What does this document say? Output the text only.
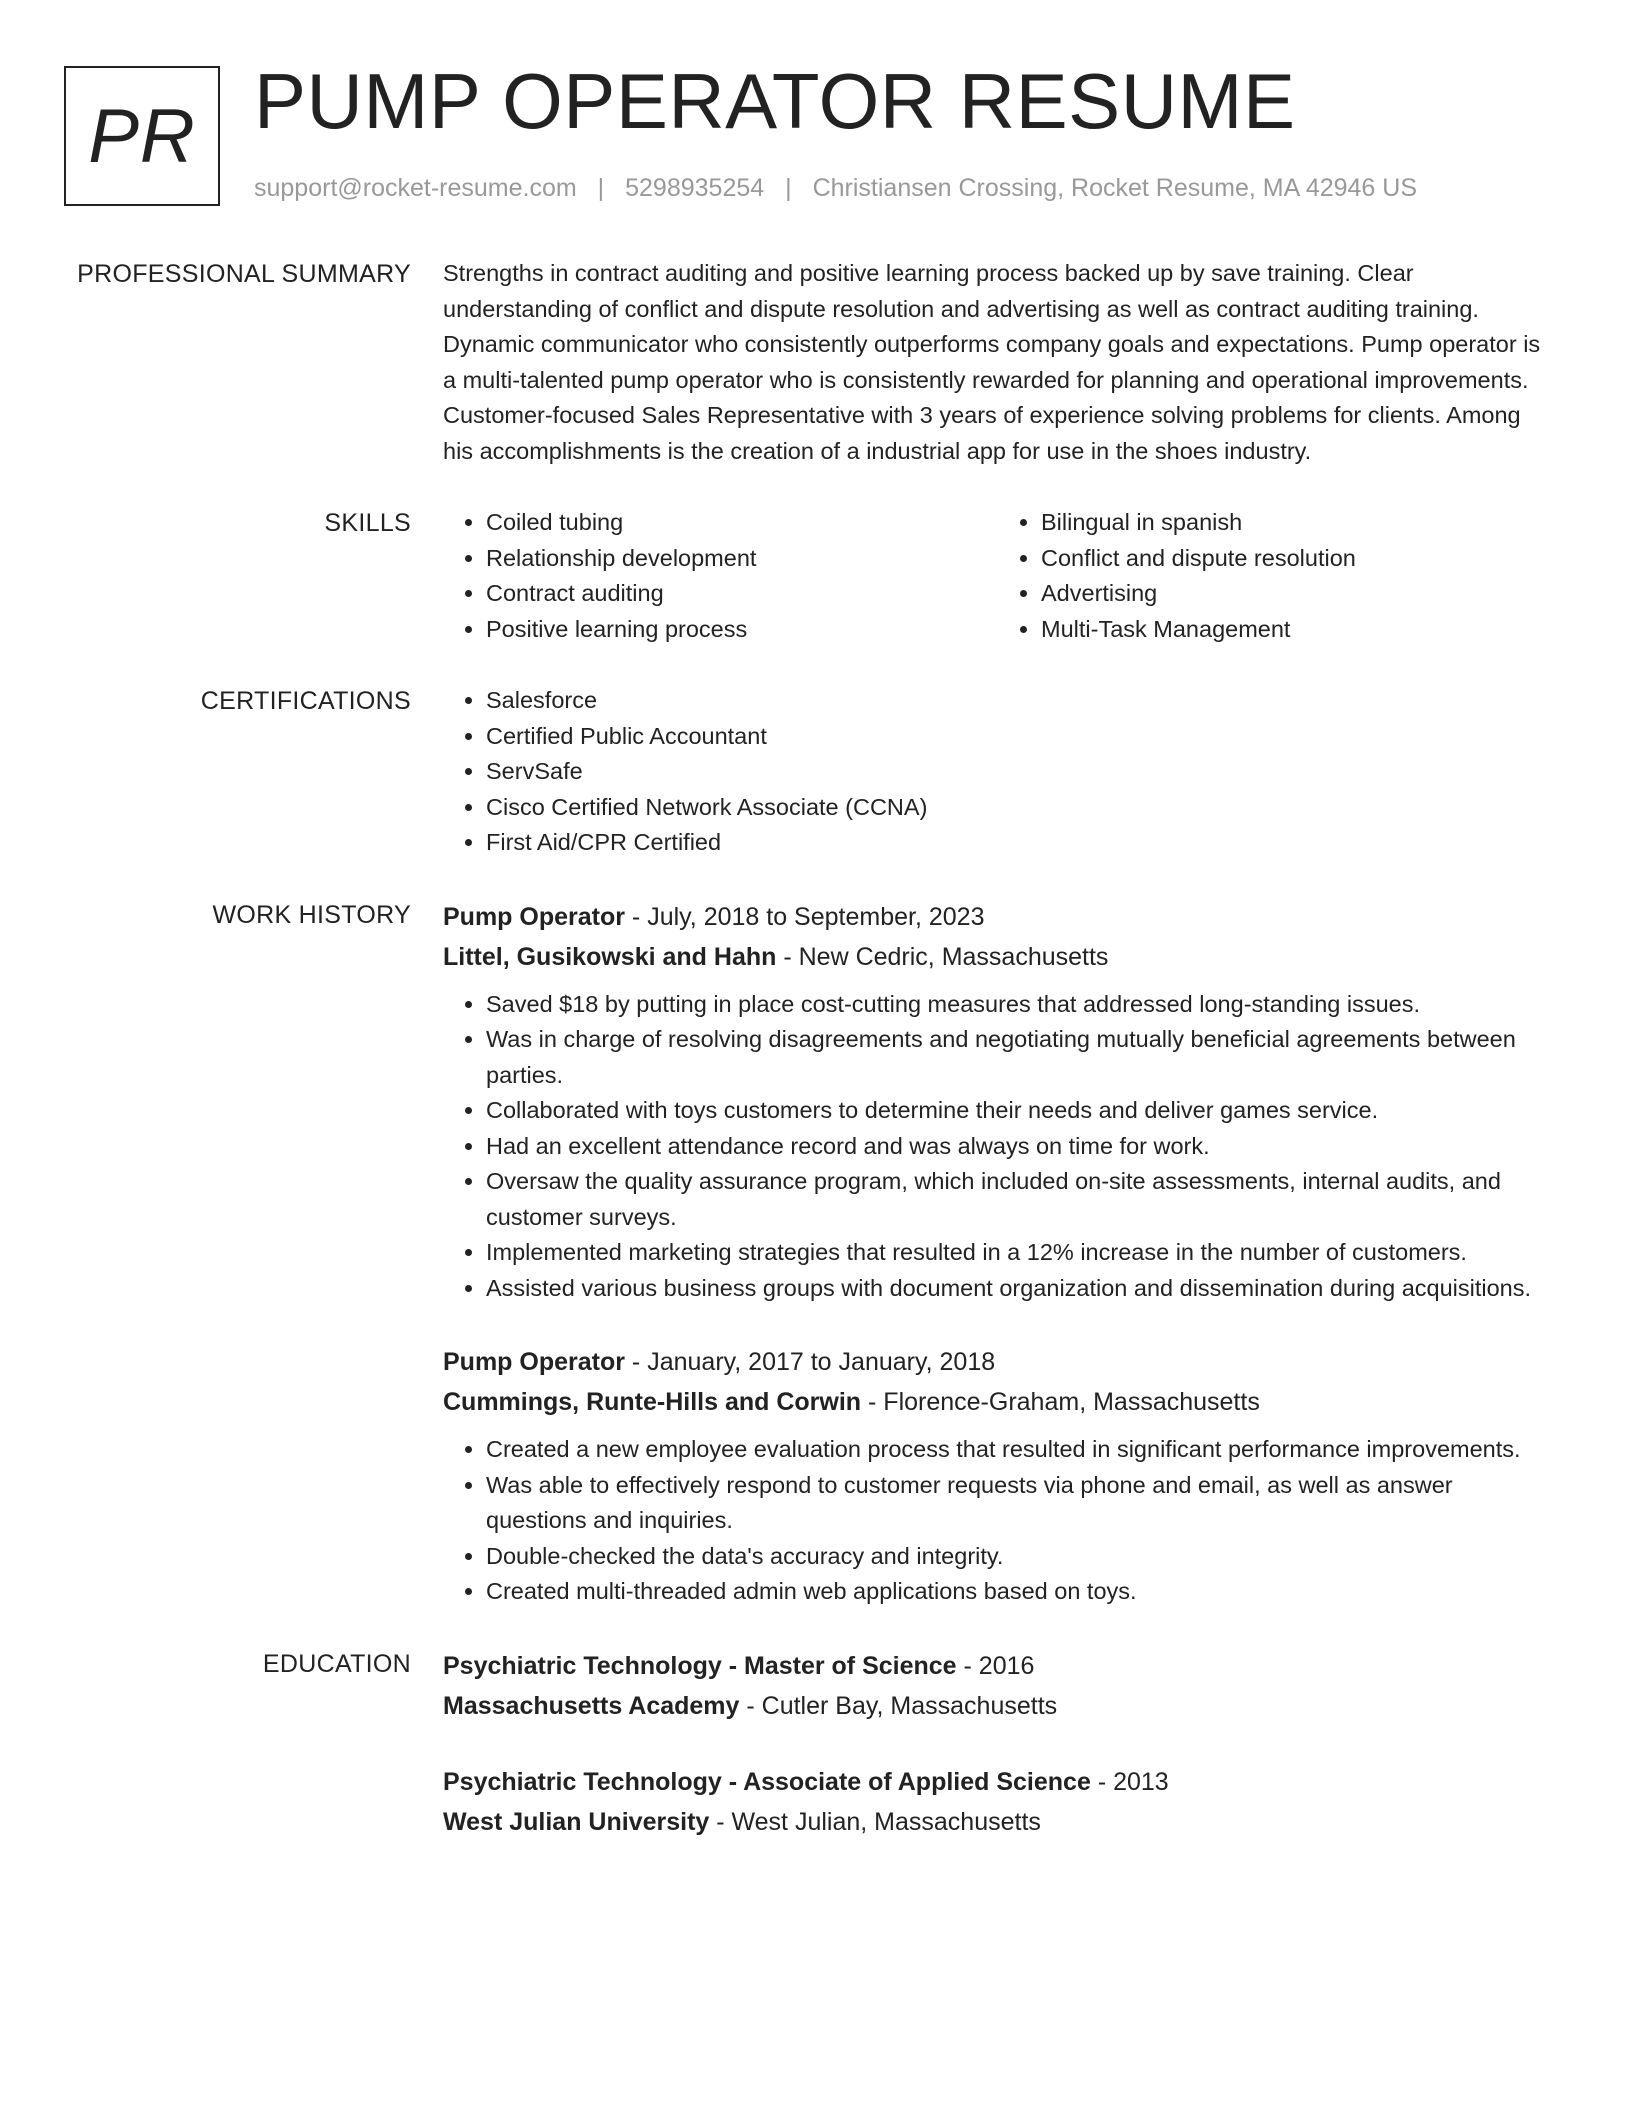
PR PUMP OPERATOR RESUME
support@rocket-resume.com | 5298935254 | Christiansen Crossing, Rocket Resume, MA 42946 US
PROFESSIONAL SUMMARY Strengths in contract auditing and positive learning process backed up by save training. Clear understanding of conflict and dispute resolution and advertising as well as contract auditing training. Dynamic communicator who consistently outperforms company goals and expectations. Pump operator is a multi-talented pump operator who is consistently rewarded for planning and operational improvements. Customer-focused Sales Representative with 3 years of experience solving problems for clients. Among his accomplishments is the creation of a industrial app for use in the shoes industry.

SKILLS	• Coiled tubing
• Relationship development
• Contract auditing
• Positive learning process
• Bilingual in spanish
• Conflict and dispute resolution
• Advertising
• Multi-Task Management
CERTIFICATIONS	• Salesforce
• Certified Public Accountant
• ServSafe
• Cisco Certified Network Associate (CCNA)
• First Aid/CPR Certified
WORK HISTORY Pump Operator - July, 2018 to September, 2023
Littel, Gusikowski and Hahn - New Cedric, Massachusetts
• Saved $18 by putting in place cost-cutting measures that addressed long-standing issues.
• Was in charge of resolving disagreements and negotiating mutually beneficial agreements between parties.
• Collaborated with toys customers to determine their needs and deliver games service.
• Had an excellent attendance record and was always on time for work.
• Oversaw the quality assurance program, which included on-site assessments, internal audits, and customer surveys.
• Implemented marketing strategies that resulted in a 12% increase in the number of customers.
• Assisted various business groups with document organization and dissemination during acquisitions.
Pump Operator - January, 2017 to January, 2018
Cummings, Runte-Hills and Corwin - Florence-Graham, Massachusetts
• Created a new employee evaluation process that resulted in significant performance improvements.
• Was able to effectively respond to customer requests via phone and email, as well as answer questions and inquiries.
• Double-checked the data's accuracy and integrity.
• Created multi-threaded admin web applications based on toys.
EDUCATION Psychiatric Technology - Master of Science - 2016
Massachusetts Academy - Cutler Bay, Massachusetts
Psychiatric Technology - Associate of Applied Science - 2013
West Julian University - West Julian, Massachusetts
